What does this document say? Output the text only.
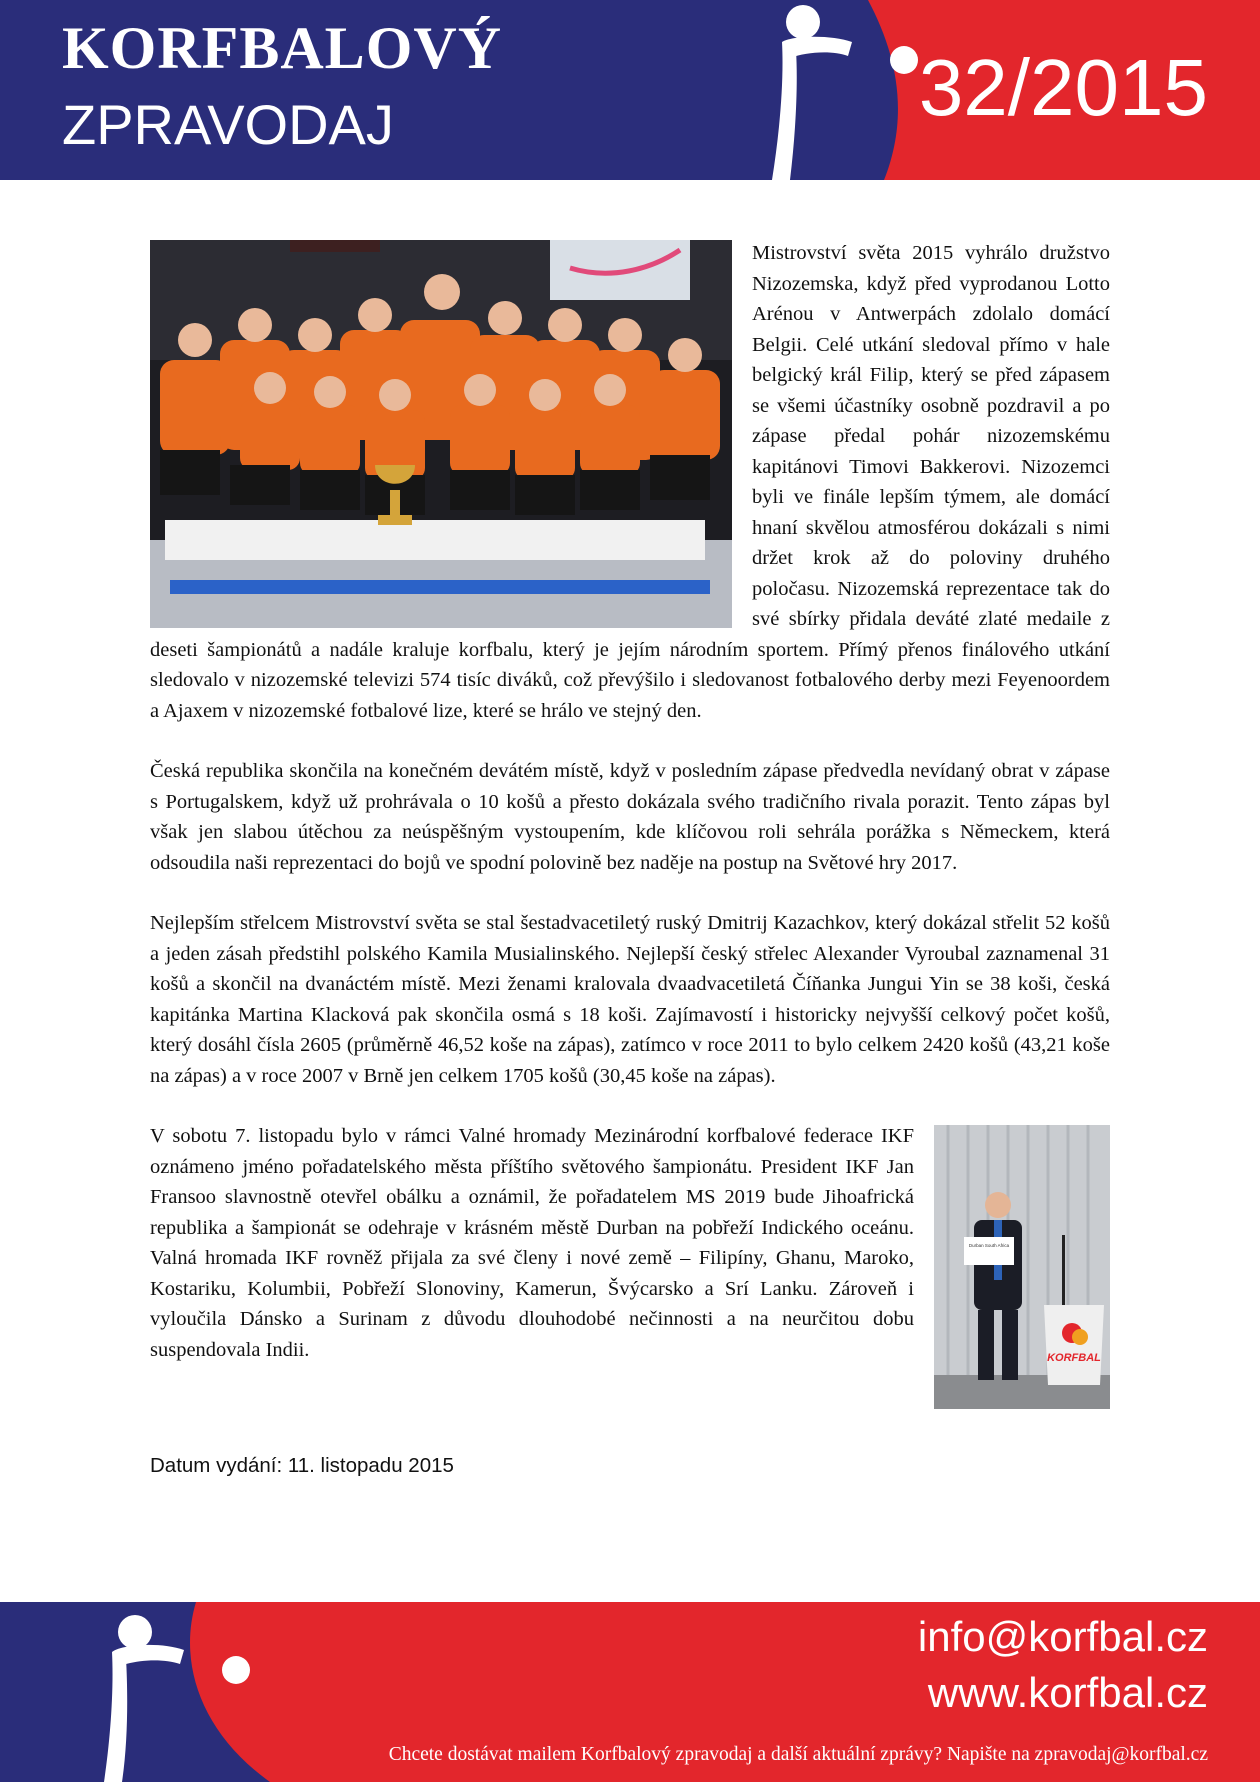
KORFBALOVÝ
ZPRAVODAJ	32/2015

Mistrovství světa 2015 vyhrálo družstvo Nizozemska, když před vyprodanou Lotto Arénou v Antwerpách zdolalo domácí Belgii. Celé utkání sledoval přímo v hale belgický král Filip, který se před zápasem se všemi účastníky osobně pozdravil a po zápase předal pohár nizozemskému kapitánovi Timovi Bakkerovi. Nizozemci byli ve finále lepším týmem, ale domácí hnaní skvělou atmosférou dokázali s nimi držet krok až do poloviny druhého poločasu. Nizozemská reprezentace tak do své sbírky přidala deváté zlaté medaile z deseti šampionátů a nadále kraluje korfbalu, který je jejím národním sportem. Přímý přenos finálového utkání sledovalo v nizozemské televizi 574 tisíc diváků, což převýšilo i sledovanost fotbalového derby mezi Feyenoordem a Ajaxem v nizozemské fotbalové lize, které se hrálo ve stejný den.

Česká republika skončila na konečném devátém místě, když v posledním zápase předvedla nevídaný obrat v zápase s Portugalskem, když už prohrávala o 10 košů a přesto dokázala svého tradičního rivala porazit. Tento zápas byl však jen slabou útěchou za neúspěšným vystoupením, kde klíčovou roli sehrála porážka s Německem, která odsoudila naši reprezentaci do bojů ve spodní polovině bez naděje na postup na Světové hry 2017.

Nejlepším střelcem Mistrovství světa se stal šestadvacetiletý ruský Dmitrij Kazachkov, který dokázal střelit 52 košů a jeden zásah předstihl polského Kamila Musialinského. Nejlepší český střelec Alexander Vyroubal zaznamenal 31 košů a skončil na dvanáctém místě. Mezi ženami kralovala dvaadvacetiletá Číňanka Jungui Yin se 38 koši, česká kapitánka Martina Klacková pak skončila osmá s 18 koši. Zajímavostí i historicky nejvyšší celkový počet košů, který dosáhl čísla 2605 (průměrně 46,52 koše na zápas), zatímco v roce 2011 to bylo celkem 2420 košů (43,21 koše na zápas) a v roce 2007 v Brně jen celkem 1705 košů (30,45 koše na zápas).

Durban South Africa
KORFBAL

V sobotu 7. listopadu bylo v rámci Valné hromady Mezinárodní korfbalové federace IKF oznámeno jméno pořadatelského města příštího světového šampionátu. President IKF Jan Fransoo slavnostně otevřel obálku a oznámil, že pořadatelem MS 2019 bude Jihoafrická republika a šampionát se odehraje v krásném městě Durban na pobřeží Indického oceánu. Valná hromada IKF rovněž přijala za své členy i nové země – Filipíny, Ghanu, Maroko, Kostariku, Kolumbii, Pobřeží Slonoviny, Kamerun, Švýcarsko a Srí Lanku. Zároveň i vyloučila Dánsko a Surinam z důvodu dlouhodobé nečinnosti a na neurčitou dobu suspendovala Indii.

Datum vydání: 11. listopadu 2015
info@korfbal.cz
www.korfbal.cz
Chcete dostávat mailem Korfbalový zpravodaj a další aktuální zprávy? Napište na zpravodaj@korfbal.cz
